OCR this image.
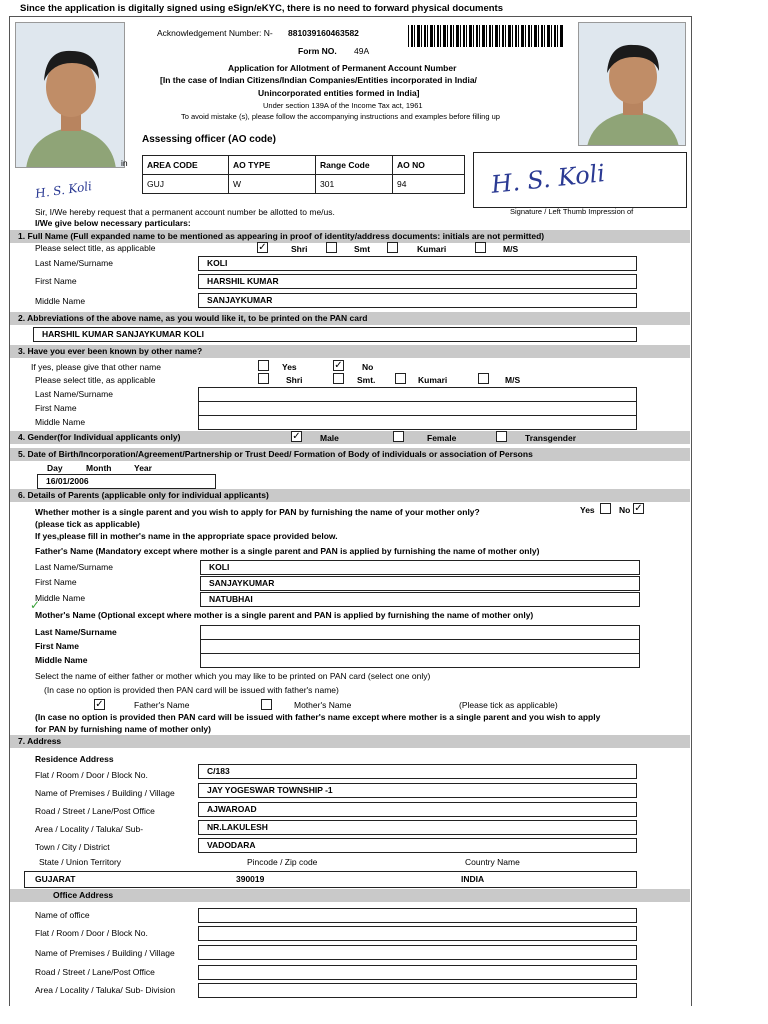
Since the application is digitally signed using eSign/eKYC, there is no need to forward physical documents
in
Acknowledgement Number: N- 881039160463582
Form NO. 49A
Application for Allotment of Permanent Account Number
[In the case of Indian Citizens/Indian Companies/Entities incorporated in India/
Unincorporated entities formed in India]
Under section 139A of the Income Tax act, 1961
To avoid mistake (s), please follow the accompanying instructions and examples before filling up
Assessing officer (AO code)
AREA CODE	AO TYPE	Range Code	AO NO
GUJ	W	301	94
H. S. Koli	H. S. Koli
Signature / Left Thumb Impression of
Sir, I/We hereby request that a permanent account number be allotted to me/us.
I/We give below necessary particulars:
1. Full Name (Full expanded name to be mentioned as appearing in proof of identity/address documents: initials are not permitted)
Please select title, as applicable ✓	Shri	Smt	Kumari	M/S
Last Name/Surname	KOLI
First Name	HARSHIL KUMAR
Middle Name	SANJAYKUMAR
2. Abbreviations of the above name, as you would like it, to be printed on the PAN card
HARSHIL KUMAR SANJAYKUMAR KOLI
3. Have you ever been known by other name?
If yes, please give that other name	Yes ✓	No
Please select title, as applicable	Shri	Smt.	Kumari	M/S
Last Name/Surname
First Name
Middle Name
4. Gender(for Individual applicants only) ✓	Male	Female	Transgender
5. Date of Birth/Incorporation/Agreement/Partnership or Trust Deed/ Formation of Body of individuals or association of Persons
Day	Month	Year
16/01/2006
6. Details of Parents (applicable only for individual applicants)
Whether mother is a single parent and you wish to apply for PAN by furnishing the name of your mother only?	Yes	No
✓
(please tick as applicable)
If yes,please fill in mother's name in the appropriate space provided below.
Father's Name (Mandatory except where mother is a single parent and PAN is applied by furnishing the name of mother only)
Last Name/Surname	KOLI
First Name	SANJAYKUMAR
Middle Name	NATUBHAI
✓
Mother's Name (Optional except where mother is a single parent and PAN is applied by furnishing the name of mother only)
Last Name/Surname
First Name
Middle Name
Select the name of either father or mother which you may like to be printed on PAN card (select one only)
(In case no option is provided then PAN card will be issued with father's name)
✓
Father's Name	Mother's Name	(Please tick as applicable)
(In case no option is provided then PAN card will be issued with father's name except where mother is a single parent and you wish to apply
for PAN by furnishing name of mother only)
7. Address
Residence Address
Flat / Room / Door / Block No.	C/183
Name of Premises / Building / Village	JAY YOGESWAR TOWNSHIP -1
Road / Street / Lane/Post Office	AJWAROAD
Area / Locality / Taluka/ Sub-	NR.LAKULESH
Town / City / District	VADODARA
State / Union Territory	Pincode / Zip code	Country Name
GUJARAT	390019	INDIA
Office Address
Name of office
Flat / Room / Door / Block No.
Name of Premises / Building / Village
Road / Street / Lane/Post Office
Area / Locality / Taluka/ Sub- Division
